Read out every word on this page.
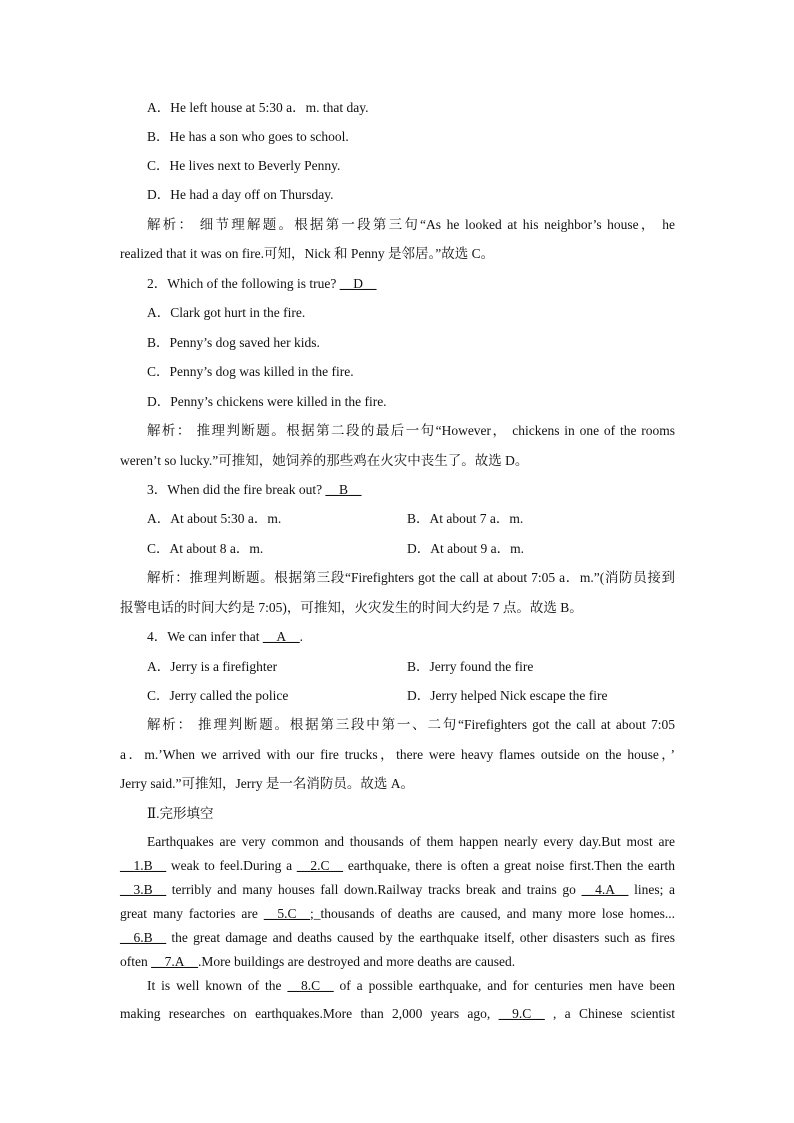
A．He left house at 5:30 a．m. that day.
B．He has a son who goes to school.
C．He lives next to Beverly Penny.
D．He had a day off on Thursday.
解析： 细节理解题。根据第一段第三句“As he looked at his neighbor’s house， he
realized that it was on fire.可知，Nick 和 Penny 是邻居。”故选 C。
2．Which of the following is true? __D__
A．Clark got hurt in the fire.
B．Penny’s dog saved her kids.
C．Penny’s dog was killed in the fire.
D．Penny’s chickens were killed in the fire.
解析： 推理判断题。根据第二段的最后一句“However， chickens in one of the rooms
weren’t so lucky.”可推知，她饲养的那些鸡在火灾中丧生了。故选 D。
3．When did the fire break out? __B__
A．At about 5:30 a．m.	B．At about 7 a．m.
C．At about 8 a．m.	D．At about 9 a．m.
解析：推理判断题。根据第三段“Firefighters got the call at about 7:05 a．m.”(消防员接到
报警电话的时间大约是 7:05)，可推知，火灾发生的时间大约是 7 点。故选 B。
4．We can infer that __A__.
A．Jerry is a firefighter	B．Jerry found the fire
C．Jerry called the police	D．Jerry helped Nick escape the fire
解析： 推理判断题。根据第三段中第一、二句“Firefighters got the call at about 7:05
a．m.’When we arrived with our fire trucks，there were heavy flames outside on the house，’
Jerry said.”可推知，Jerry 是一名消防员。故选 A。
Ⅱ.完形填空
Earthquakes are very common and thousands of them happen nearly every day.But most are
__1.B__ weak to feel.During a __2.C__ earthquake, there is often a great noise first.Then the earth
__3.B__ terribly and many houses fall down.Railway tracks break and trains go __4.A__ lines; a
great many factories are __5.C__;_thousands of deaths are caused, and many more lose homes...
__6.B__ the great damage and deaths caused by the earthquake itself, other disasters such as fires
often __7.A__.More buildings are destroyed and more deaths are caused.
It is well known of the __8.C__ of a possible earthquake, and for centuries men have been
making researches on earthquakes.More than 2,000 years ago, __9.C__ , a Chinese scientist
